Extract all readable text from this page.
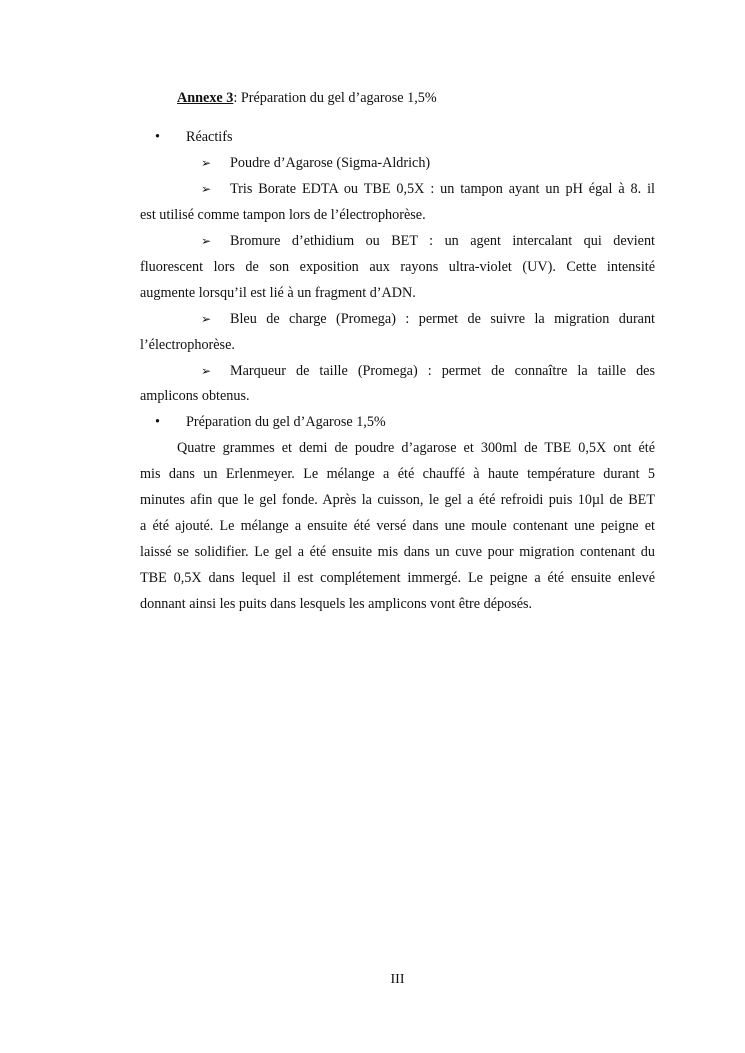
Annexe 3: Préparation du gel d’agarose 1,5%
• Réactifs
➢ Poudre d’Agarose (Sigma-Aldrich)
➢ Tris Borate EDTA ou TBE 0,5X : un tampon ayant un pH égal à 8. il
est utilisé comme tampon lors de l’électrophorèse.
➢ Bromure d’ethidium ou BET : un agent intercalant qui devient
fluorescent lors de son exposition aux rayons ultra-violet (UV). Cette intensité
augmente lorsqu’il est lié à un fragment d’ADN.
➢ Bleu de charge (Promega) : permet de suivre la migration durant
l’électrophorèse.
➢ Marqueur de taille (Promega) : permet de connaître la taille des
amplicons obtenus.
• Préparation du gel d’Agarose 1,5%
Quatre grammes et demi de poudre d’agarose et 300ml de TBE 0,5X ont été
mis dans un Erlenmeyer. Le mélange a été chauffé à haute température durant 5
minutes afin que le gel fonde. Après la cuisson, le gel a été refroidi puis 10µl de BET
a été ajouté. Le mélange a ensuite été versé dans une moule contenant une peigne et
laissé se solidifier. Le gel a été ensuite mis dans un cuve pour migration contenant du
TBE 0,5X dans lequel il est complétement immergé. Le peigne a été ensuite enlevé
donnant ainsi les puits dans lesquels les amplicons vont être déposés.
III
